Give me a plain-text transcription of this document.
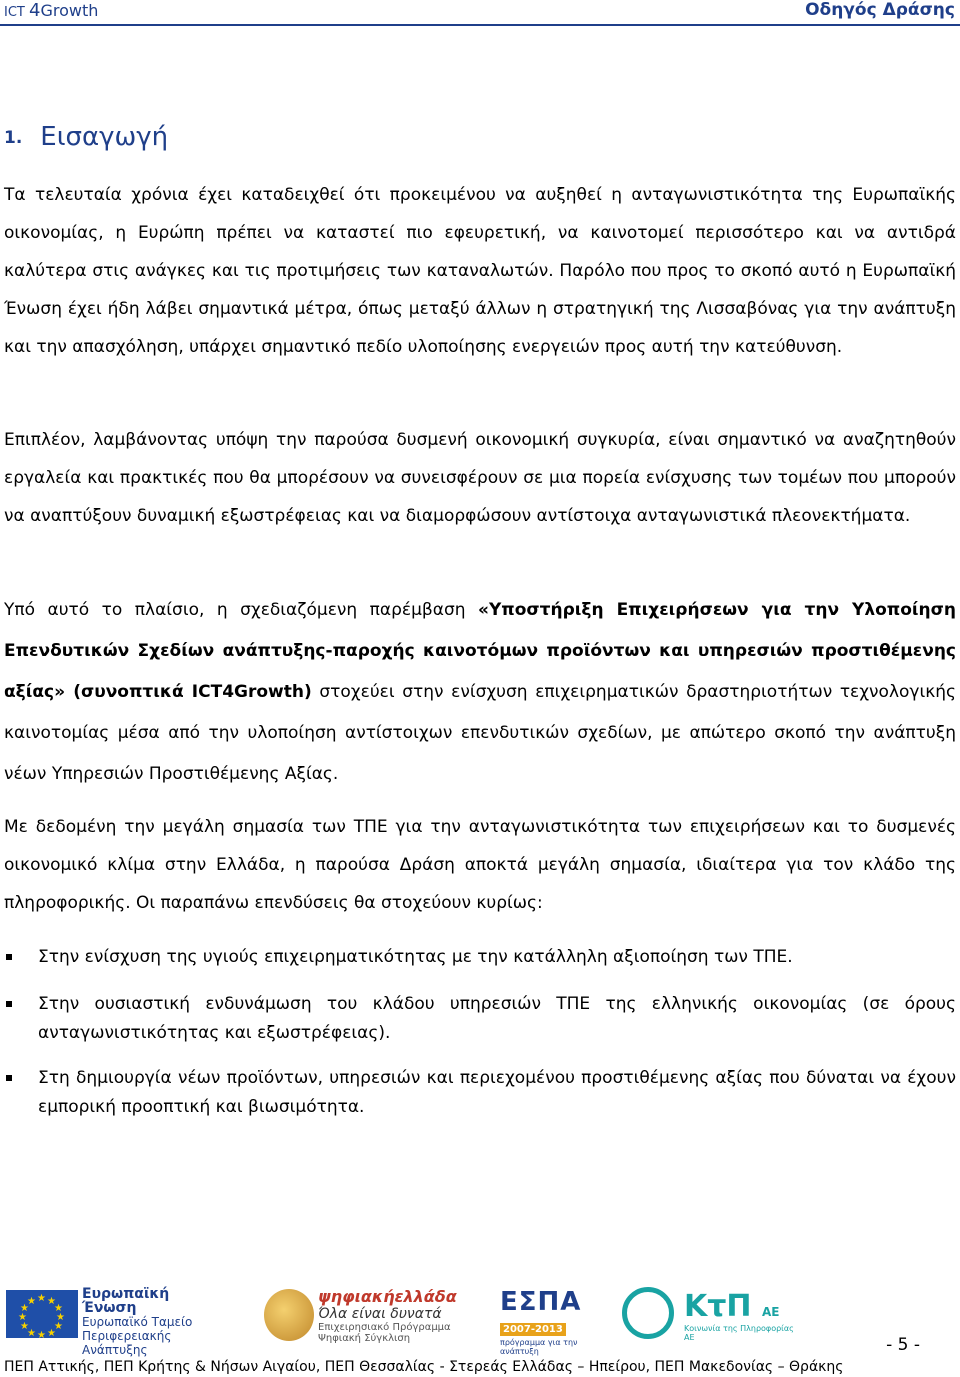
ICT 4Growth	Οδηγός Δράσης
1. Εισαγωγή
Τα τελευταία χρόνια έχει καταδειχθεί ότι προκειμένου να αυξηθεί η ανταγωνιστικότητα της Ευρωπαϊκής οικονομίας, η Ευρώπη πρέπει να καταστεί πιο εφευρετική, να καινοτομεί περισσότερο και να αντιδρά καλύτερα στις ανάγκες και τις προτιμήσεις των καταναλωτών. Παρόλο που προς το σκοπό αυτό η Ευρωπαϊκή Ένωση έχει ήδη λάβει σημαντικά μέτρα, όπως μεταξύ άλλων η στρατηγική της Λισσαβόνας για την ανάπτυξη και την απασχόληση, υπάρχει σημαντικό πεδίο υλοποίησης ενεργειών προς αυτή την κατεύθυνση.
Επιπλέον, λαμβάνοντας υπόψη την παρούσα δυσμενή οικονομική συγκυρία, είναι σημαντικό να αναζητηθούν εργαλεία και πρακτικές που θα μπορέσουν να συνεισφέρουν σε μια πορεία ενίσχυσης των τομέων που μπορούν να αναπτύξουν δυναμική εξωστρέφειας και να διαμορφώσουν αντίστοιχα ανταγωνιστικά πλεονεκτήματα.
Υπό αυτό το πλαίσιο, η σχεδιαζόμενη παρέμβαση «Υποστήριξη Επιχειρήσεων για την Υλοποίηση Επενδυτικών Σχεδίων ανάπτυξης-παροχής καινοτόμων προϊόντων και υπηρεσιών προστιθέμενης αξίας» (συνοπτικά ICT4Growth) στοχεύει στην ενίσχυση επιχειρηματικών δραστηριοτήτων τεχνολογικής καινοτομίας μέσα από την υλοποίηση αντίστοιχων επενδυτικών σχεδίων, με απώτερο σκοπό την ανάπτυξη νέων Υπηρεσιών Προστιθέμενης Αξίας.
Με δεδομένη την μεγάλη σημασία των ΤΠΕ για την ανταγωνιστικότητα των επιχειρήσεων και το δυσμενές οικονομικό κλίμα στην Ελλάδα, η παρούσα Δράση αποκτά μεγάλη σημασία, ιδιαίτερα για τον κλάδο της πληροφορικής. Οι παραπάνω επενδύσεις θα στοχεύουν κυρίως:
Στην ενίσχυση της υγιούς επιχειρηματικότητας με την κατάλληλη αξιοποίηση των ΤΠΕ.
Στην ουσιαστική ενδυνάμωση του κλάδου υπηρεσιών ΤΠΕ της ελληνικής οικονομίας (σε όρους ανταγωνιστικότητας και εξωστρέφειας).
Στη δημιουργία νέων προϊόντων, υπηρεσιών και περιεχομένου προστιθέμενης αξίας που δύναται να έχουν εμπορική προοπτική και βιωσιμότητα.
★ ★
★
★
★
★
★
★
★
★
★
★	Ευρωπαϊκή Ένωση
Ευρωπαϊκό Ταμείο
Περιφερειακής
Ανάπτυξης
ψηφιακήελλάδα
Όλα είναι δυνατά
Επιχειρησιακό Πρόγραμμα
Ψηφιακή Σύγκλιση
ΕΣΠΑ
2007-2013
πρόγραμμα για την ανάπτυξη
ΚτΠ ΑΕ
Κοινωνία της Πληροφορίας ΑΕ	- 5 -
ΠΕΠ Αττικής, ΠΕΠ Κρήτης & Νήσων Αιγαίου, ΠΕΠ Θεσσαλίας - Στερεάς Ελλάδας – Ηπείρου, ΠΕΠ Μακεδονίας – Θράκης
